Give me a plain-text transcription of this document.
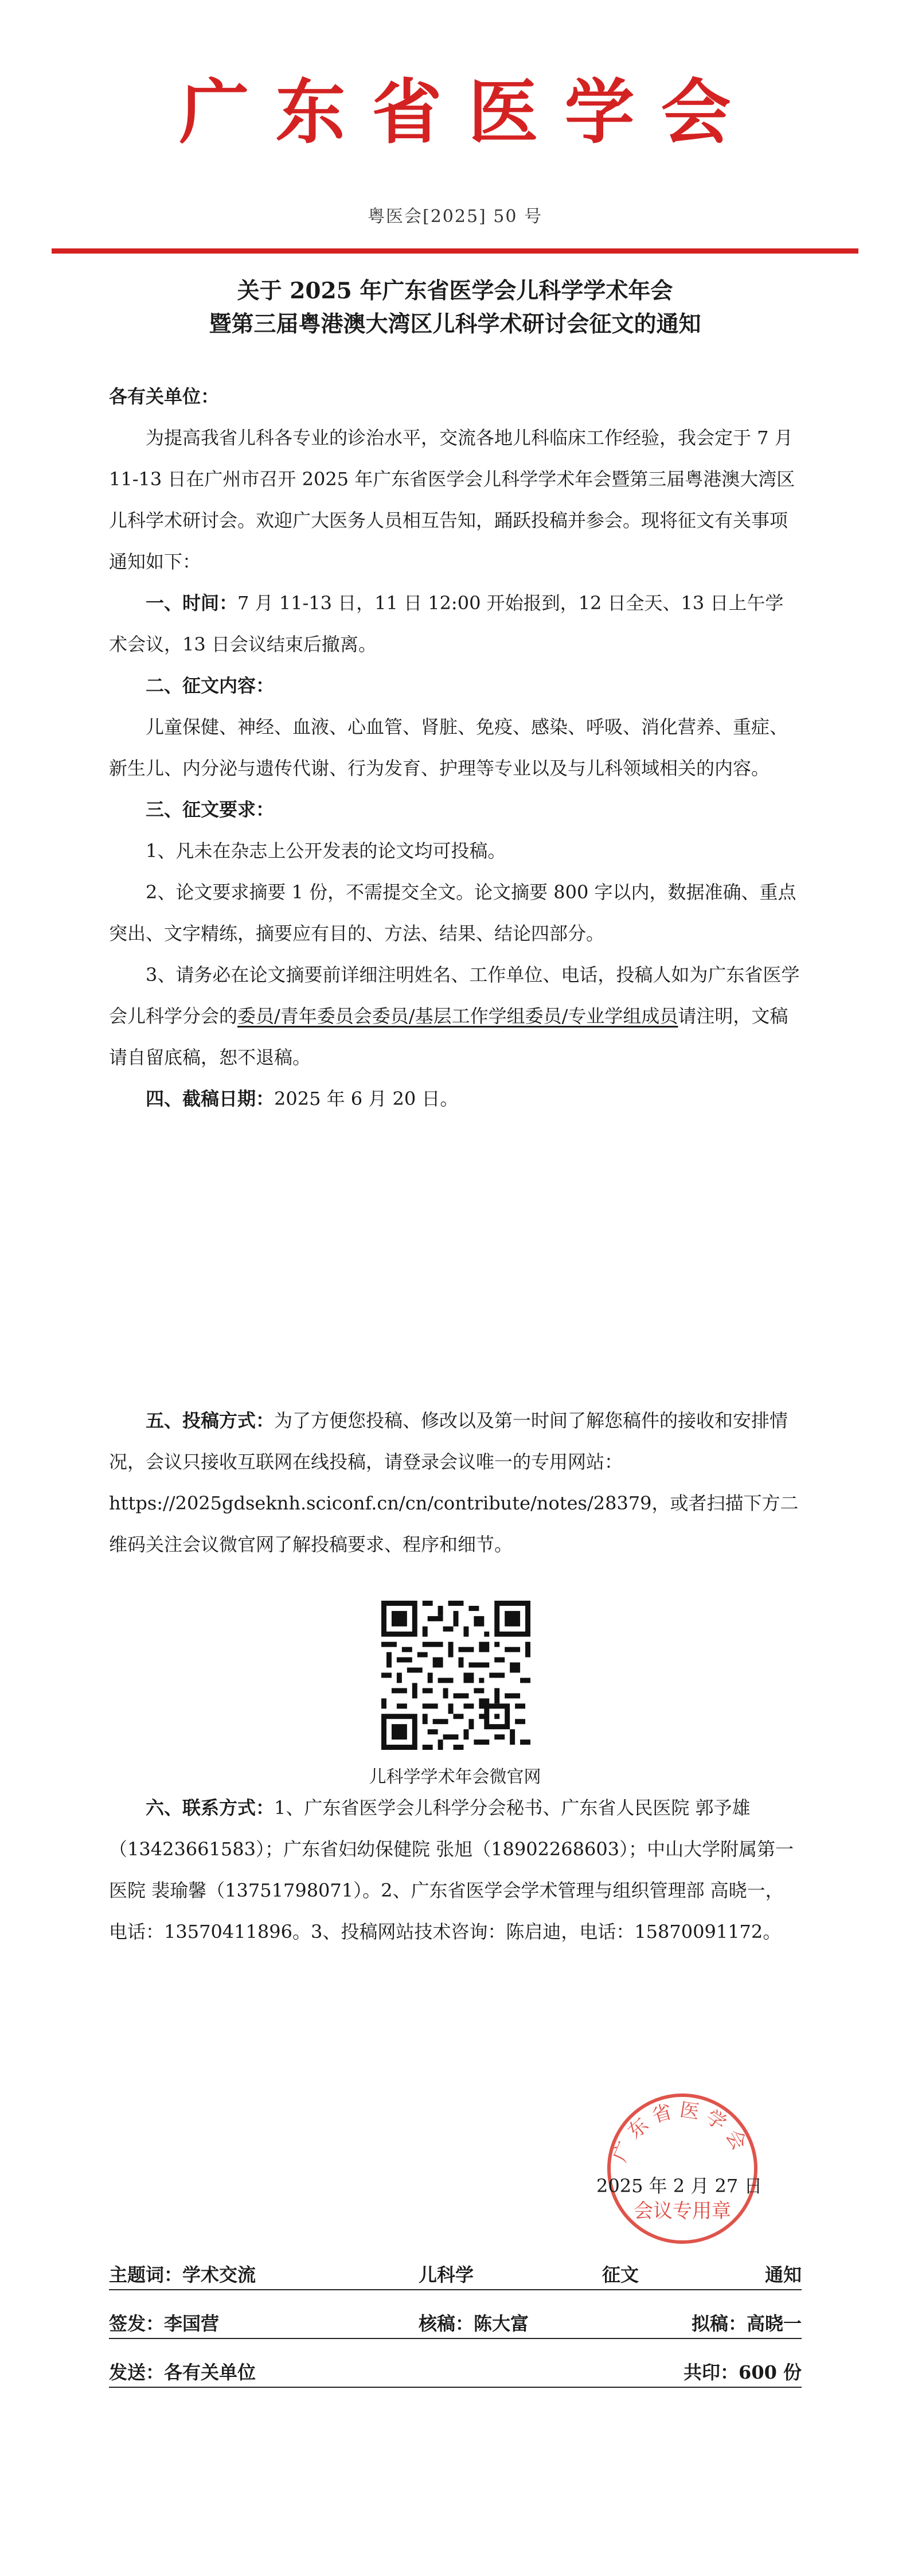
广东省医学会
粤医会[2025] 50 号
关于 2025 年广东省医学会儿科学学术年会
暨第三届粤港澳大湾区儿科学术研讨会征文的通知

各有关单位：

为提高我省儿科各专业的诊治水平，交流各地儿科临床工作经验，我会定于 7 月 11-13 日在广州市召开 2025 年广东省医学会儿科学学术年会暨第三届粤港澳大湾区儿科学术研讨会。欢迎广大医务人员相互告知，踊跃投稿并参会。现将征文有关事项通知如下：

一、时间：7 月 11-13 日，11 日 12:00 开始报到，12 日全天、13 日上午学术会议，13 日会议结束后撤离。

二、征文内容：

儿童保健、神经、血液、心血管、肾脏、免疫、感染、呼吸、消化营养、重症、新生儿、内分泌与遗传代谢、行为发育、护理等专业以及与儿科领域相关的内容。

三、征文要求：

1、凡未在杂志上公开发表的论文均可投稿。

2、论文要求摘要 1 份，不需提交全文。论文摘要 800 字以内，数据准确、重点突出、文字精练，摘要应有目的、方法、结果、结论四部分。

3、请务必在论文摘要前详细注明姓名、工作单位、电话，投稿人如为广东省医学会儿科学分会的委员/青年委员会委员/基层工作学组委员/专业学组成员请注明，文稿请自留底稿，恕不退稿。

四、截稿日期：2025 年 6 月 20 日。

五、投稿方式：为了方便您投稿、修改以及第一时间了解您稿件的接收和安排情况，会议只接收互联网在线投稿，请登录会议唯一的专用网站：https://2025gdseknh.sciconf.cn/cn/contribute/notes/28379，或者扫描下方二维码关注会议微官网了解投稿要求、程序和细节。

儿科学学术年会微官网

六、联系方式：1、广东省医学会儿科学分会秘书、广东省人民医院 郭予雄（13423661583）；广东省妇幼保健院 张旭（18902268603）；中山大学附属第一医院 裴瑜馨（13751798071）。2、广东省医学会学术管理与组织管理部 高晓一，电话：13570411896。3、投稿网站技术咨询：陈启迪，电话：15870091172。

广东省医学会
会议专用章
2025 年 2 月 27 日
主题词：学术交流	儿科学	征文	通知
签发：李国营	核稿：陈大富	拟稿：高晓一
发送：各有关单位	共印：600 份
